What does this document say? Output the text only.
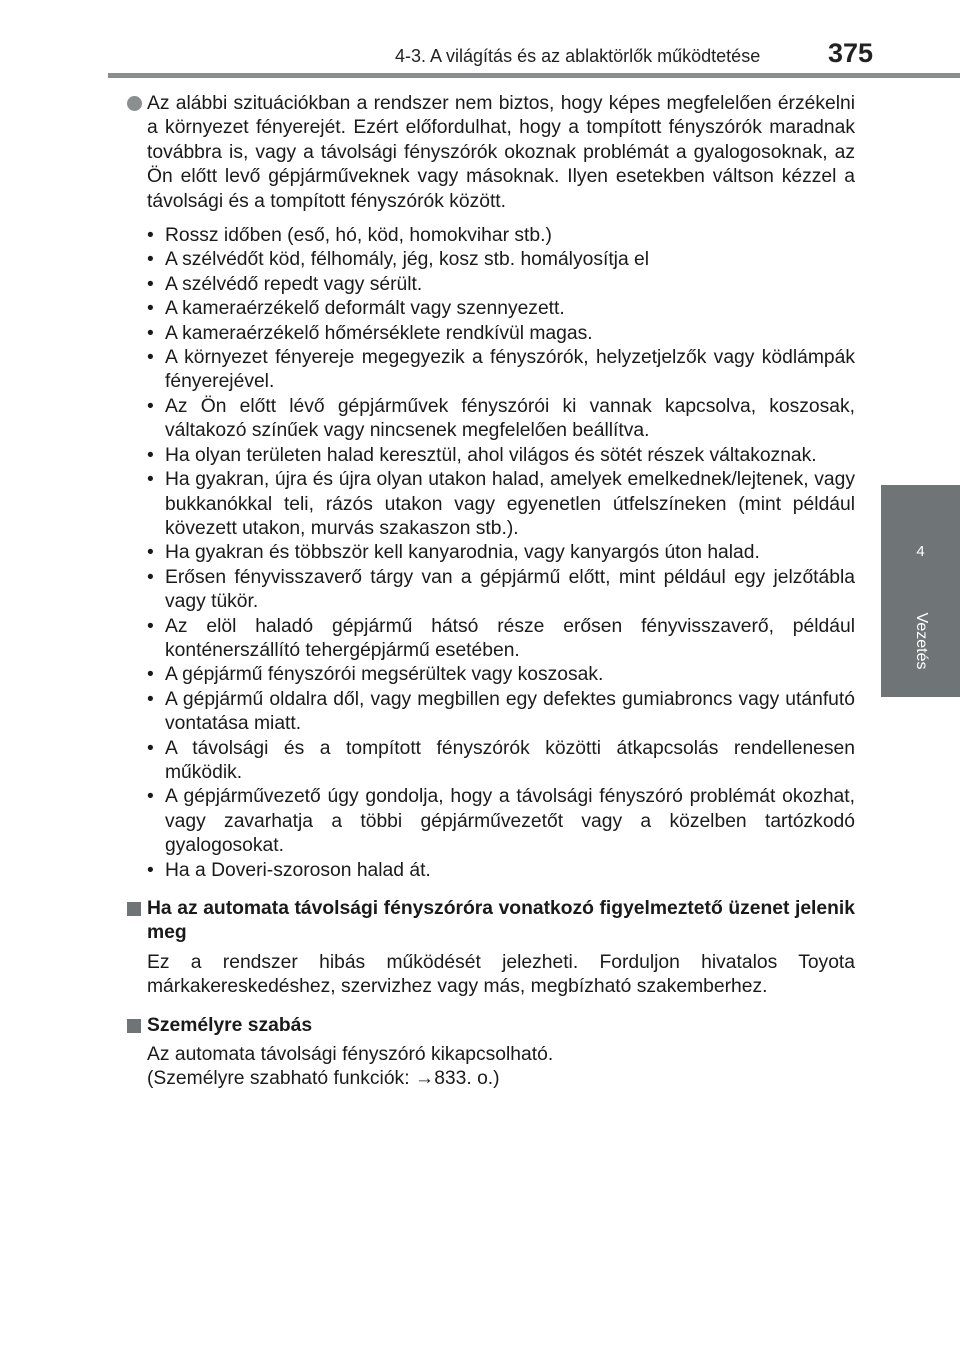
4-3. A világítás és az ablaktörlők működtetése	375
4
Vezetés
Az alábbi szituációkban a rendszer nem biztos, hogy képes megfelelően érzékelni a környezet fényerejét. Ezért előfordulhat, hogy a tompított fényszórók maradnak továbbra is, vagy a távolsági fényszórók okoznak problémát a gyalogosoknak, az Ön előtt levő gépjárműveknek vagy másoknak. Ilyen esetekben váltson kézzel a távolsági és a tompított fényszórók között.
• Rossz időben (eső, hó, köd, homokvihar stb.)
• A szélvédőt köd, félhomály, jég, kosz stb. homályosítja el
• A szélvédő repedt vagy sérült.
• A kameraérzékelő deformált vagy szennyezett.
• A kameraérzékelő hőmérséklete rendkívül magas.
• A környezet fényereje megegyezik a fényszórók, helyzetjelzők vagy ködlámpák fényerejével.
• Az Ön előtt lévő gépjárművek fényszórói ki vannak kapcsolva, koszosak, váltakozó színűek vagy nincsenek megfelelően beállítva.
• Ha olyan területen halad keresztül, ahol világos és sötét részek váltakoznak.
• Ha gyakran, újra és újra olyan utakon halad, amelyek emelkednek/lejtenek, vagy bukkanókkal teli, rázós utakon vagy egyenetlen útfelszíneken (mint például kövezett utakon, murvás szakaszon stb.).
• Ha gyakran és többször kell kanyarodnia, vagy kanyargós úton halad.
• Erősen fényvisszaverő tárgy van a gépjármű előtt, mint például egy jelzőtábla vagy tükör.
• Az elöl haladó gépjármű hátsó része erősen fényvisszaverő, például konténerszállító tehergépjármű esetében.
• A gépjármű fényszórói megsérültek vagy koszosak.
• A gépjármű oldalra dől, vagy megbillen egy defektes gumiabroncs vagy utánfutó vontatása miatt.
• A távolsági és a tompított fényszórók közötti átkapcsolás rendellenesen működik.
• A gépjárművezető úgy gondolja, hogy a távolsági fényszóró problémát okozhat, vagy zavarhatja a többi gépjárművezetőt vagy a közelben tartózkodó gyalogosokat.
• Ha a Doveri-szoroson halad át.
Ha az automata távolsági fényszóróra vonatkozó figyelmeztető üzenet jelenik meg
Ez a rendszer hibás működését jelezheti. Forduljon hivatalos Toyota márkakereskedéshez, szervizhez vagy más, megbízható szakemberhez.
Személyre szabás
Az automata távolsági fényszóró kikapcsolható.
(Személyre szabható funkciók: →833. o.)
